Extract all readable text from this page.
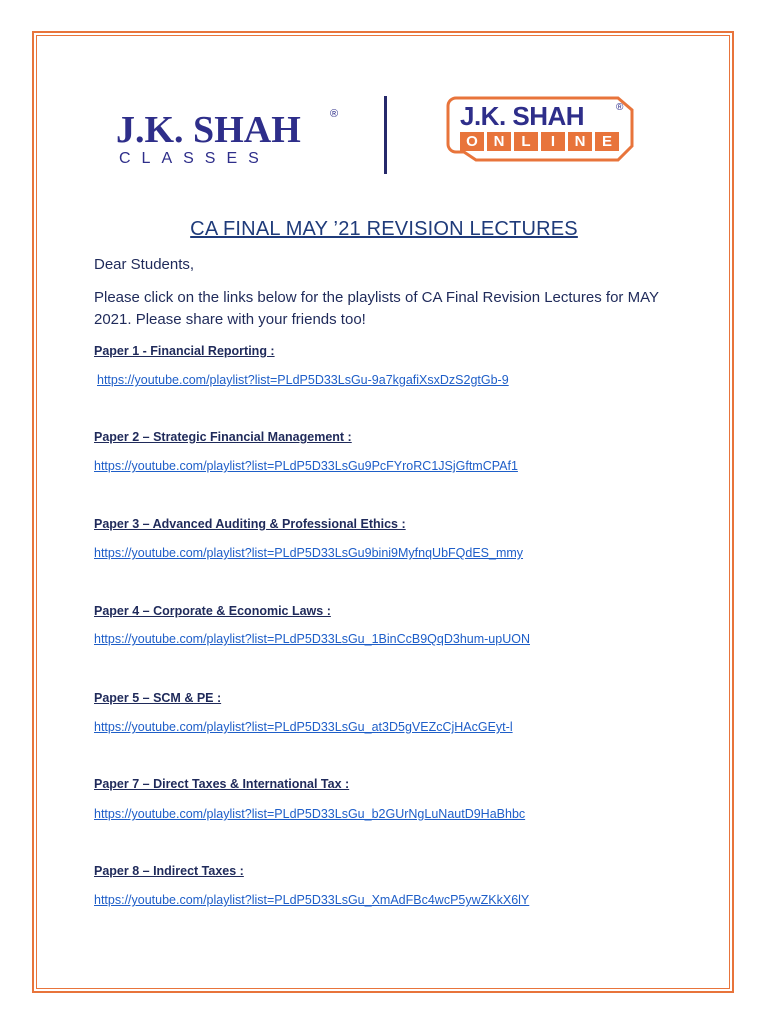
J.K. SHAH	®
CLASSES
J.K. SHAH	®
O	N	L	I	N	E
CA FINAL MAY ’21 REVISION LECTURES
Dear Students,
Please click on the links below for the playlists of CA Final Revision Lectures for MAY 2021. Please share with your friends too!
Paper 1 - Financial Reporting :
https://youtube.com/playlist?list=PLdP5D33LsGu-9a7kgafiXsxDzS2gtGb-9
Paper 2 – Strategic Financial Management :
https://youtube.com/playlist?list=PLdP5D33LsGu9PcFYroRC1JSjGftmCPAf1
Paper 3 – Advanced Auditing & Professional Ethics :
https://youtube.com/playlist?list=PLdP5D33LsGu9bini9MyfnqUbFQdES_mmy
Paper 4 – Corporate & Economic Laws :
https://youtube.com/playlist?list=PLdP5D33LsGu_1BinCcB9QqD3hum-upUON
Paper 5 – SCM & PE :
https://youtube.com/playlist?list=PLdP5D33LsGu_at3D5gVEZcCjHAcGEyt-l
Paper 7 – Direct Taxes & International Tax :
https://youtube.com/playlist?list=PLdP5D33LsGu_b2GUrNgLuNautD9HaBhbc
Paper 8 – Indirect Taxes :
https://youtube.com/playlist?list=PLdP5D33LsGu_XmAdFBc4wcP5ywZKkX6lY
